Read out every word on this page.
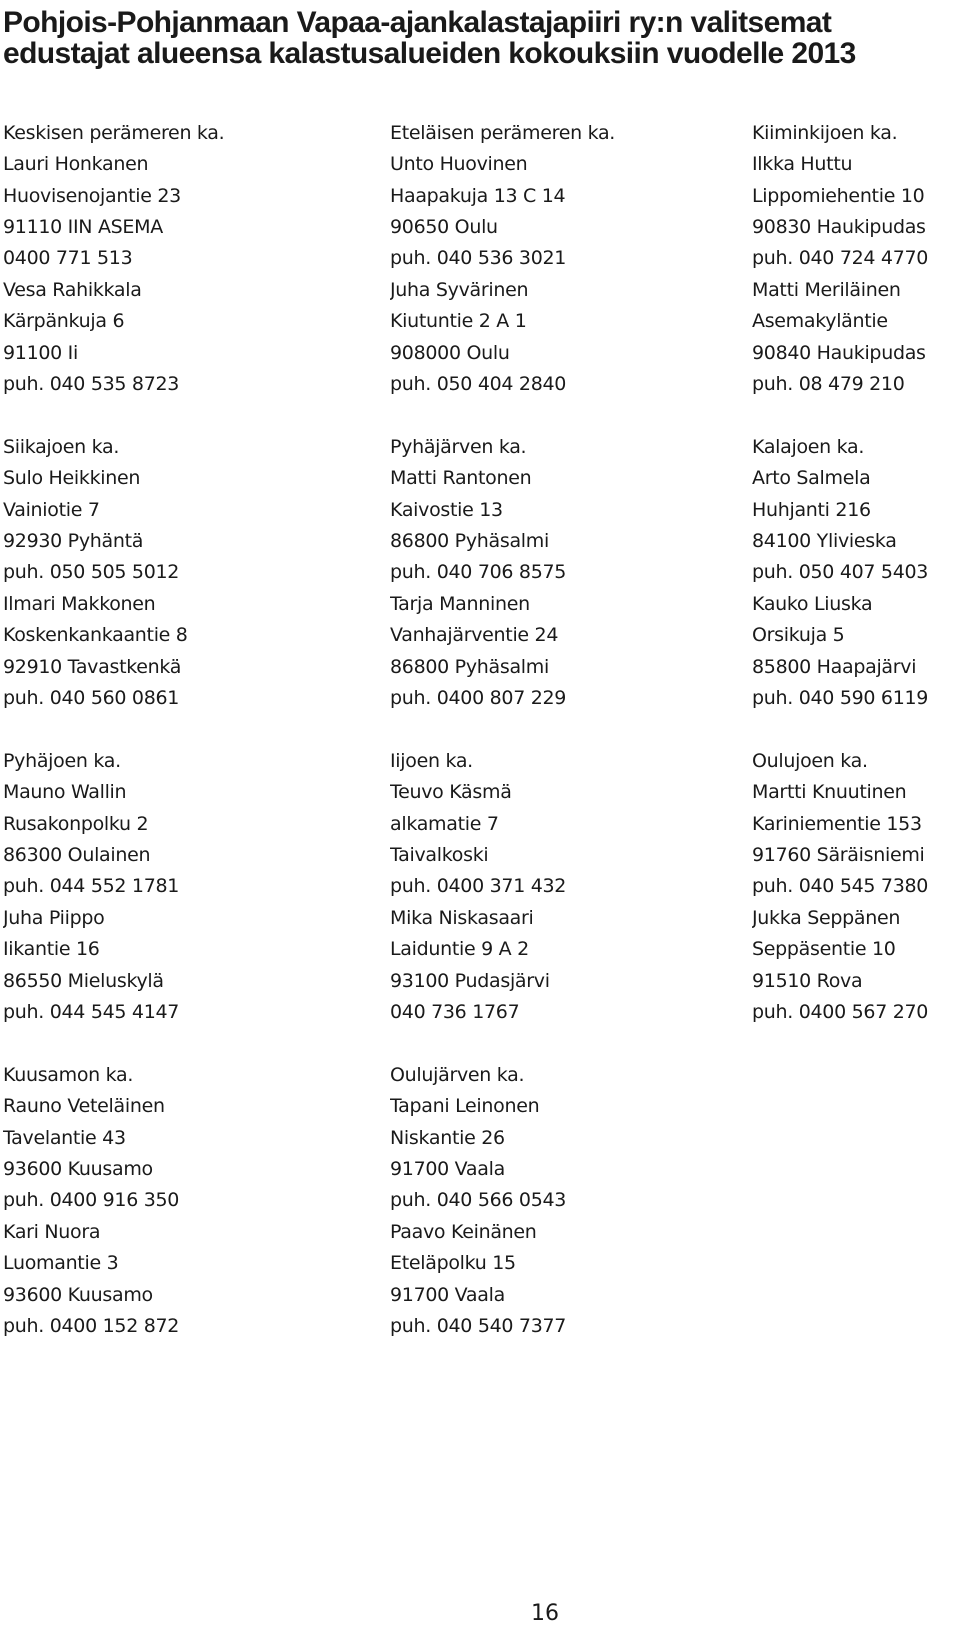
Pohjois-Pohjanmaan Vapaa-ajankalastajapiiri ry:n valitsemat
edustajat alueensa kalastusalueiden kokouksiin vuodelle 2013
Keskisen perämeren ka.
Lauri Honkanen
Huovisenojantie 23
91110 IIN ASEMA
0400 771 513
Vesa Rahikkala
Kärpänkuja 6
91100 Ii
puh. 040 535 8723
Siikajoen ka.
Sulo Heikkinen
Vainiotie 7
92930 Pyhäntä
puh. 050 505 5012
Ilmari Makkonen
Koskenkankaantie 8
92910 Tavastkenkä
puh. 040 560 0861
Pyhäjoen ka.
Mauno Wallin
Rusakonpolku 2
86300 Oulainen
puh. 044 552 1781
Juha Piippo
Iikantie 16
86550 Mieluskylä
puh. 044 545 4147
Kuusamon ka.
Rauno Veteläinen
Tavelantie 43
93600 Kuusamo
puh. 0400 916 350
Kari Nuora
Luomantie 3
93600 Kuusamo
puh. 0400 152 872
Eteläisen perämeren ka.
Unto Huovinen
Haapakuja 13 C 14
90650 Oulu
puh. 040 536 3021
Juha Syvärinen
Kiutuntie 2 A 1
908000 Oulu
puh. 050 404 2840
Pyhäjärven ka.
Matti Rantonen
Kaivostie 13
86800 Pyhäsalmi
puh. 040 706 8575
Tarja Manninen
Vanhajärventie 24
86800 Pyhäsalmi
puh. 0400 807 229
Iijoen ka.
Teuvo Käsmä
alkamatie 7
Taivalkoski
puh. 0400 371 432
Mika Niskasaari
Laiduntie 9 A 2
93100 Pudasjärvi
040 736 1767
Oulujärven ka.
Tapani Leinonen
Niskantie 26
91700 Vaala
puh. 040 566 0543
Paavo Keinänen
Eteläpolku 15
91700 Vaala
puh. 040 540 7377
Kiiminkijoen ka.
Ilkka Huttu
Lippomiehentie 10
90830 Haukipudas
puh. 040 724 4770
Matti Meriläinen
Asemakyläntie
90840 Haukipudas
puh. 08 479 210
Kalajoen ka.
Arto Salmela
Huhjanti 216
84100 Ylivieska
puh. 050 407 5403
Kauko Liuska
Orsikuja 5
85800 Haapajärvi
puh. 040 590 6119
Oulujoen ka.
Martti Knuutinen
Kariniementie 153
91760 Säräisniemi
puh. 040 545 7380
Jukka Seppänen
Seppäsentie 10
91510 Rova
puh. 0400 567 270
16
